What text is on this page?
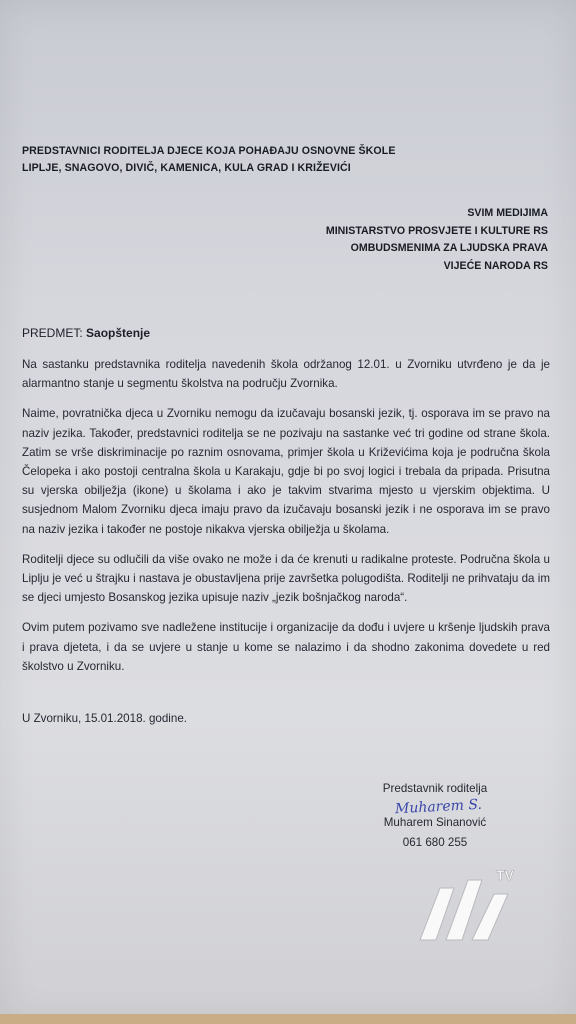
PREDSTAVNICI RODITELJA DJECE KOJA POHAĐAJU OSNOVNE ŠKOLE
LIPLJE, SNAGOVO, DIVIČ, KAMENICA, KULA GRAD I KRIŽEVIĆI
SVIM MEDIJIMA
MINISTARSTVO PROSVJETE I KULTURE RS
OMBUDSMENIMA ZA LJUDSKA PRAVA
VIJEĆE NARODA RS
PREDMET: Saopštenje

Na sastanku predstavnika roditelja navedenih škola održanog 12.01. u Zvorniku utvrđeno je da je alarmantno stanje u segmentu školstva na području Zvornika.

Naime, povratnička djeca u Zvorniku nemogu da izučavaju bosanski jezik, tj. osporava im se pravo na naziv jezika. Također, predstavnici roditelja se ne pozivaju na sastanke već tri godine od strane škola. Zatim se vrše diskriminacije po raznim osnovama, primjer škola u Križevićima koja je područna škola Čelopeka i ako postoji centralna škola u Karakaju, gdje bi po svoj logici i trebala da pripada. Prisutna su vjerska obilježja (ikone) u školama i ako je takvim stvarima mjesto u vjerskim objektima. U susjednom Malom Zvorniku djeca imaju pravo da izučavaju bosanski jezik i ne osporava im se pravo na naziv jezika i također ne postoje nikakva vjerska obilježja u školama.

Roditelji djece su odlučili da više ovako ne može i da će krenuti u radikalne proteste. Područna škola u Liplju je već u štrajku i nastava je obustavljena prije završetka polugodišta. Roditelji ne prihvataju da im se djeci umjesto Bosanskog jezika upisuje naziv „jezik bošnjačkog naroda“.

Ovim putem pozivamo sve nadležene institucije i organizacije da dođu i uvjere u kršenje ljudskih prava i prava djeteta, i da se uvjere u stanje u kome se nalazimo i da shodno zakonima dovedete u red školstvo u Zvorniku.

U Zvorniku, 15.01.2018. godine.
Predstavnik roditelja
Muharem S.
Muharem Sinanović
061 680 255
TV
